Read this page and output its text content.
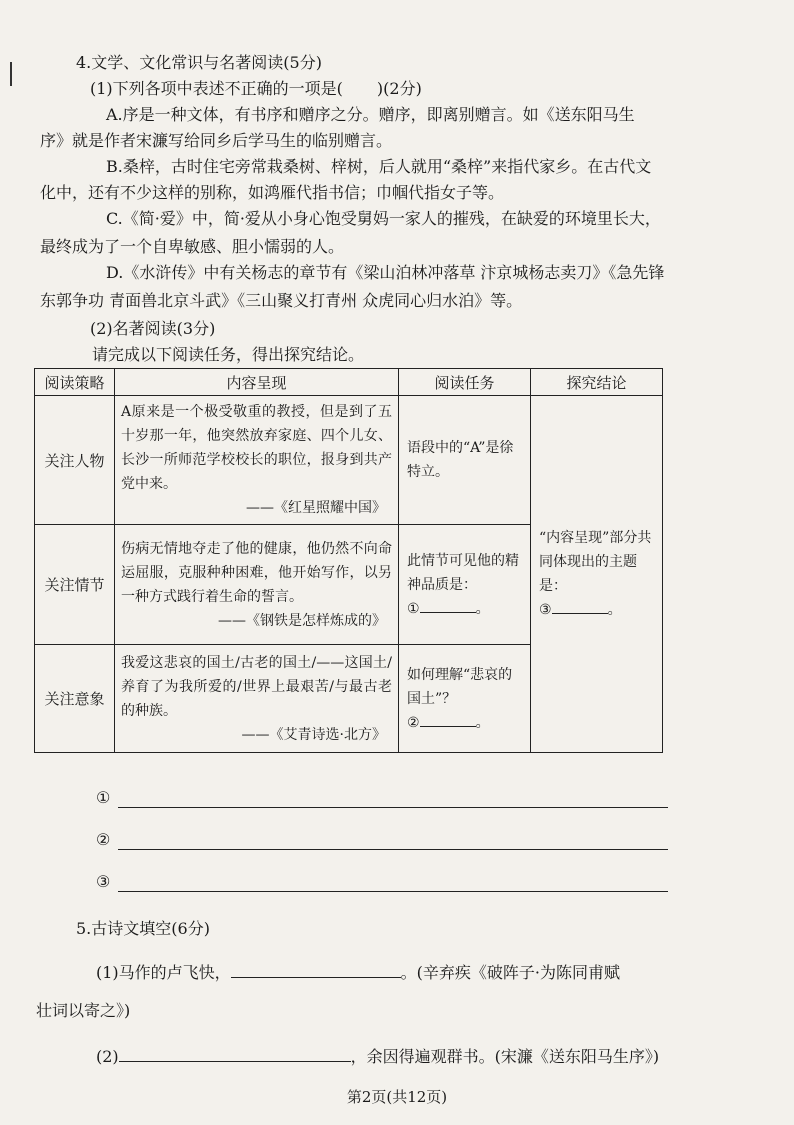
4.文学、文化常识与名著阅读(5分)
(1)下列各项中表述不正确的一项是( )(2分)
A.序是一种文体，有书序和赠序之分。赠序，即离别赠言。如《送东阳马生
序》就是作者宋濂写给同乡后学马生的临别赠言。
B.桑梓，古时住宅旁常栽桑树、梓树，后人就用“桑梓”来指代家乡。在古代文
化中，还有不少这样的别称，如鸿雁代指书信；巾帼代指女子等。
C.《简·爱》中，简·爱从小身心饱受舅妈一家人的摧残，在缺爱的环境里长大，
最终成为了一个自卑敏感、胆小懦弱的人。
D.《水浒传》中有关杨志的章节有《梁山泊林冲落草 汴京城杨志卖刀》《急先锋
东郭争功 青面兽北京斗武》《三山聚义打青州 众虎同心归水泊》等。
(2)名著阅读(3分)
请完成以下阅读任务，得出探究结论。
阅读策略	内容呈现	阅读任务	探究结论
关注人物	A原来是一个极受敬重的教授，但是到了五十岁那一年，他突然放弃家庭、四个儿女、长沙一所师范学校校长的职位，报身到共产党中来。
——《红星照耀中国》	语段中的“A”是徐特立。	“内容呈现”部分共同体现出的主题是：
③ 。
关注情节	伤病无情地夺走了他的健康，他仍然不向命运屈服，克服种种困难，他开始写作，以另一种方式践行着生命的誓言。
——《钢铁是怎样炼成的》	此情节可见他的精神品质是：
① 。	
关注意象	我爱这悲哀的国土/古老的国土/——这国土/养育了为我所爱的/世界上最艰苦/与最古老的种族。
——《艾青诗选·北方》	如何理解“悲哀的国土”？
② 。	
①
②
③
5.古诗文填空(6分)
(1)马作的卢飞快，	。(辛弃疾《破阵子·为陈同甫赋
壮词以寄之》)
(2)	，余因得遍观群书。(宋濂《送东阳马生序》)
第2页(共12页)
